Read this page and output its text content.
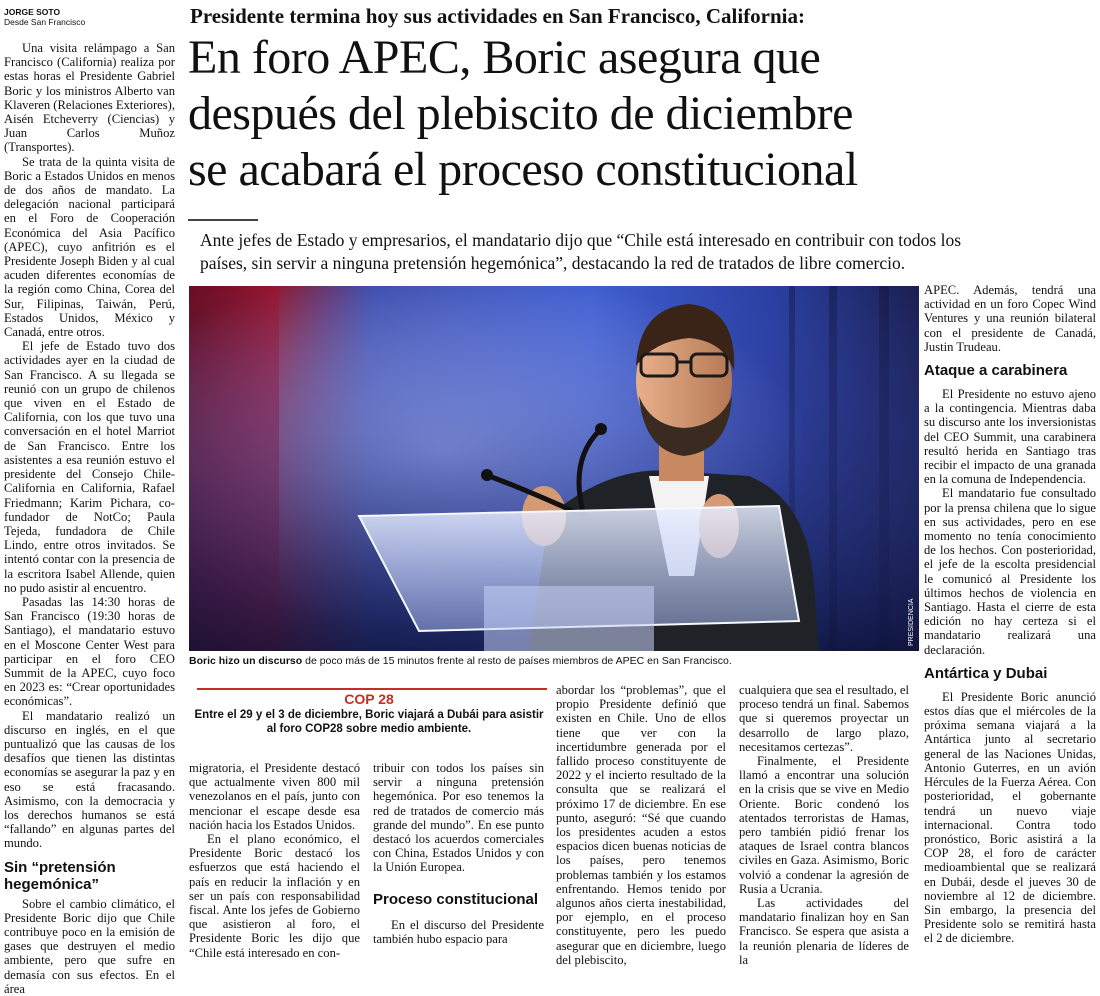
JORGE SOTO
Desde San Francisco

Una visita relámpago a San Francisco (California) realiza por estas horas el Presidente Gabriel Boric y los ministros Alberto van Klaveren (Relaciones Exteriores), Aisén Etcheverry (Ciencias) y Juan Carlos Muñoz (Transportes).

Se trata de la quinta visita de Boric a Estados Unidos en menos de dos años de mandato. La delegación nacional participará en el Foro de Cooperación Económica del Asia Pacífico (APEC), cuyo anfitrión es el Presidente Joseph Biden y al cual acuden diferentes economías de la región como China, Corea del Sur, Filipinas, Taiwán, Perú, Estados Unidos, México y Canadá, entre otros.

El jefe de Estado tuvo dos actividades ayer en la ciudad de San Francisco. A su llegada se reunió con un grupo de chilenos que viven en el Estado de California, con los que tuvo una conversación en el hotel Marriot de San Francisco. Entre los asistentes a esa reunión estuvo el presidente del Consejo Chile-California en California, Rafael Friedmann; Karim Pichara, co-fundador de NotCo; Paula Tejeda, fundadora de Chile Lindo, entre otros invitados. Se intentó contar con la presencia de la escritora Isabel Allende, quien no pudo asistir al encuentro.

Pasadas las 14:30 horas de San Francisco (19:30 horas de Santiago), el mandatario estuvo en el Moscone Center West para participar en el foro CEO Summit de la APEC, cuyo foco en 2023 es: “Crear oportunidades económicas”.

El mandatario realizó un discurso en inglés, en el que puntualizó que las causas de los desafíos que tienen las distintas economías se asegurar la paz y en eso se está fracasando. Asimismo, con la democracia y los derechos humanos se está “fallando” en algunas partes del mundo.

Sin “pretensión hegemónica”

Sobre el cambio climático, el Presidente Boric dijo que Chile contribuye poco en la emisión de gases que destruyen el medio ambiente, pero que sufre en demasía con sus efectos. En el área

Presidente termina hoy sus actividades en San Francisco, California:
En foro APEC, Boric asegura que
después del plebiscito de diciembre
se acabará el proceso constitucional
Ante jefes de Estado y empresarios, el mandatario dijo que “Chile está interesado en contribuir con todos los
países, sin servir a ninguna pretensión hegemónica”, destacando la red de tratados de libre comercio.
PRESIDENCIA
Boric hizo un discurso de poco más de 15 minutos frente al resto de países miembros de APEC en San Francisco.
COP 28
Entre el 29 y el 3 de diciembre, Boric viajará a Dubái para asistir al foro COP28 sobre medio ambiente.

migratoria, el Presidente destacó que actualmente viven 800 mil venezolanos en el país, junto con mencionar el escape desde esa nación hacia los Estados Unidos.

En el plano económico, el Presidente Boric destacó los esfuerzos que está haciendo el país en reducir la inflación y en ser un país con responsabilidad fiscal. Ante los jefes de Gobierno que asistieron al foro, el Presidente Boric les dijo que “Chile está interesado en con-

tribuir con todos los países sin servir a ninguna pretensión hegemónica. Por eso tenemos la red de tratados de comercio más grande del mundo”. En ese punto destacó los acuerdos comerciales con China, Estados Unidos y con la Unión Europea.

Proceso constitucional

En el discurso del Presidente también hubo espacio para

abordar los “problemas”, que el propio Presidente definió que existen en Chile. Uno de ellos tiene que ver con la incertidumbre generada por el fallido proceso constituyente de 2022 y el incierto resultado de la consulta que se realizará el próximo 17 de diciembre. En ese punto, aseguró: “Sé que cuando los presidentes acuden a estos espacios dicen buenas noticias de los países, pero tenemos problemas también y los estamos enfrentando. Hemos tenido por algunos años cierta inestabilidad, por ejemplo, en el proceso constituyente, pero les puedo asegurar que en diciembre, luego del plebiscito,

cualquiera que sea el resultado, el proceso tendrá un final. Sabemos que si queremos proyectar un desarrollo de largo plazo, necesitamos certezas”.

Finalmente, el Presidente llamó a encontrar una solución en la crisis que se vive en Medio Oriente. Boric condenó los atentados terroristas de Hamas, pero también pidió frenar los ataques de Israel contra blancos civiles en Gaza. Asimismo, Boric volvió a condenar la agresión de Rusia a Ucrania.

Las actividades del mandatario finalizan hoy en San Francisco. Se espera que asista a la reunión plenaria de líderes de la

APEC. Además, tendrá una actividad en un foro Copec Wind Ventures y una reunión bilateral con el presidente de Canadá, Justin Trudeau.

Ataque a carabinera

El Presidente no estuvo ajeno a la contingencia. Mientras daba su discurso ante los inversionistas del CEO Summit, una carabinera resultó herida en Santiago tras recibir el impacto de una granada en la comuna de Independencia.

El mandatario fue consultado por la prensa chilena que lo sigue en sus actividades, pero en ese momento no tenía conocimiento de los hechos. Con posterioridad, el jefe de la escolta presidencial le comunicó al Presidente los últimos hechos de violencia en Santiago. Hasta el cierre de esta edición no hay certeza si el mandatario realizará una declaración.

Antártica y Dubai

El Presidente Boric anunció estos días que el miércoles de la próxima semana viajará a la Antártica junto al secretario general de las Naciones Unidas, Antonio Guterres, en un avión Hércules de la Fuerza Aérea. Con posterioridad, el gobernante tendrá un nuevo viaje internacional. Contra todo pronóstico, Boric asistirá a la COP 28, el foro de carácter medioambiental que se realizará en Dubái, desde el jueves 30 de noviembre al 12 de diciembre. Sin embargo, la presencia del Presidente solo se remitirá hasta el 2 de diciembre.
